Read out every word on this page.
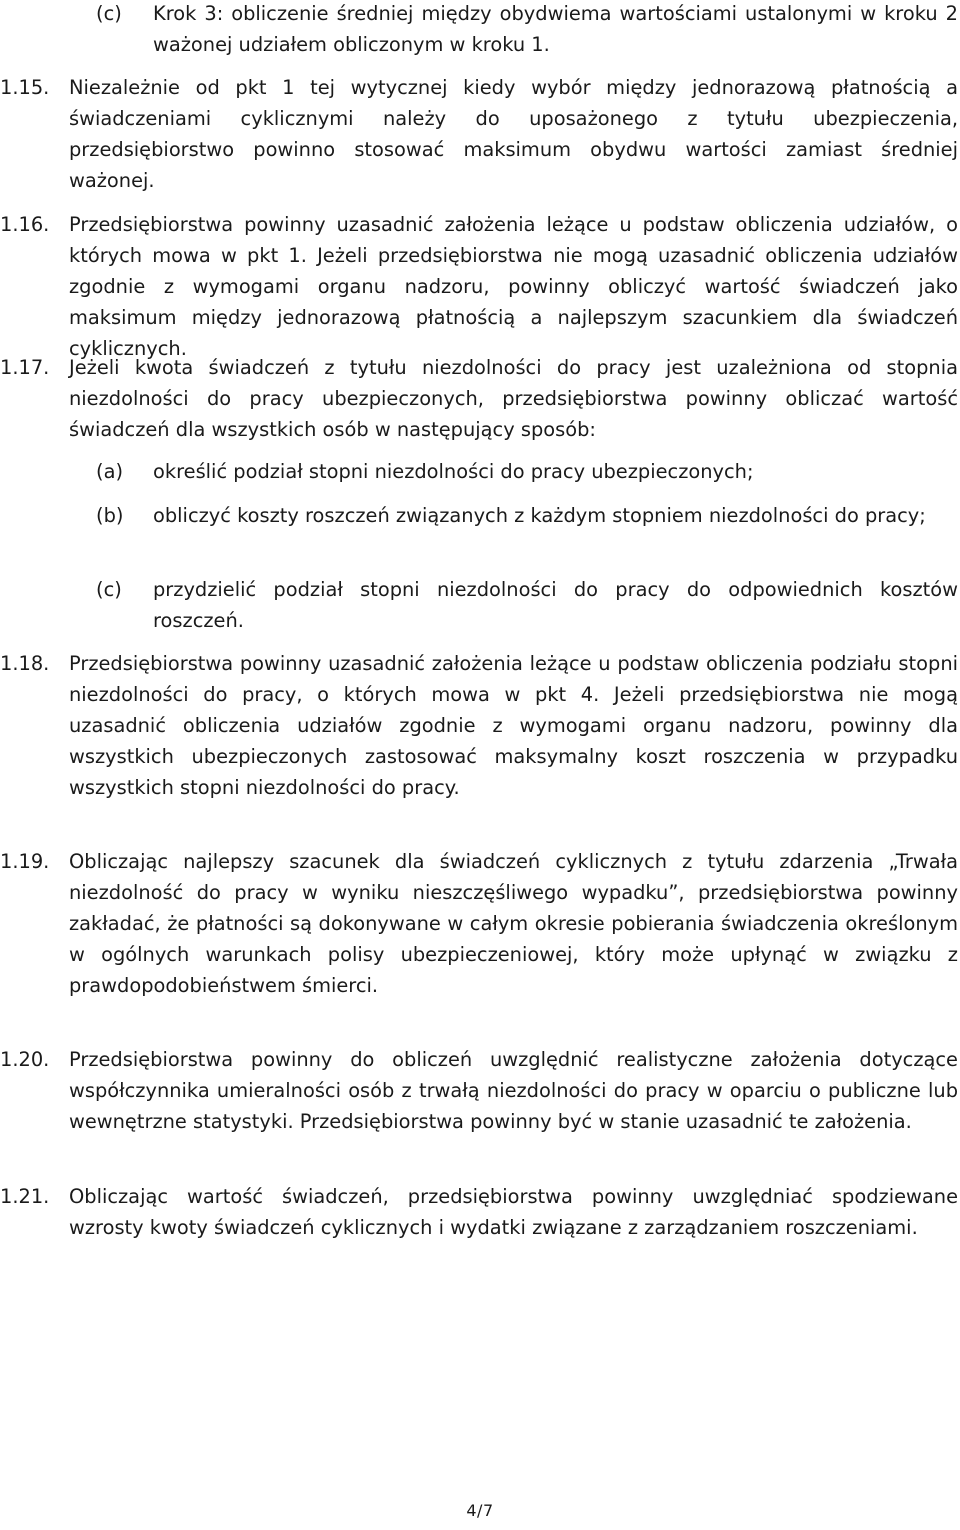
(c)	Krok 3: obliczenie średniej między obydwiema wartościami ustalonymi w kroku 2 ważonej udziałem obliczonym w kroku 1.
1.15.	Niezależnie od pkt 1 tej wytycznej kiedy wybór między jednorazową płatnością a świadczeniami cyklicznymi należy do uposażonego z tytułu ubezpieczenia, przedsiębiorstwo powinno stosować maksimum obydwu wartości zamiast średniej ważonej.
1.16.	Przedsiębiorstwa powinny uzasadnić założenia leżące u podstaw obliczenia udziałów, o których mowa w pkt 1. Jeżeli przedsiębiorstwa nie mogą uzasadnić obliczenia udziałów zgodnie z wymogami organu nadzoru, powinny obliczyć wartość świadczeń jako maksimum między jednorazową płatnością a najlepszym szacunkiem dla świadczeń cyklicznych.
1.17.	Jeżeli kwota świadczeń z tytułu niezdolności do pracy jest uzależniona od stopnia niezdolności do pracy ubezpieczonych, przedsiębiorstwa powinny obliczać wartość świadczeń dla wszystkich osób w następujący sposób:
(a)	określić podział stopni niezdolności do pracy ubezpieczonych;
(b)	obliczyć koszty roszczeń związanych z każdym stopniem niezdolności do pracy;
(c)	przydzielić podział stopni niezdolności do pracy do odpowiednich kosztów roszczeń.
1.18.	Przedsiębiorstwa powinny uzasadnić założenia leżące u podstaw obliczenia podziału stopni niezdolności do pracy, o których mowa w pkt 4. Jeżeli przedsiębiorstwa nie mogą uzasadnić obliczenia udziałów zgodnie z wymogami organu nadzoru, powinny dla wszystkich ubezpieczonych zastosować maksymalny koszt roszczenia w przypadku wszystkich stopni niezdolności do pracy.
1.19.	Obliczając najlepszy szacunek dla świadczeń cyklicznych z tytułu zdarzenia „Trwała niezdolność do pracy w wyniku nieszczęśliwego wypadku”, przedsiębiorstwa powinny zakładać, że płatności są dokonywane w całym okresie pobierania świadczenia określonym w ogólnych warunkach polisy ubezpieczeniowej, który może upłynąć w związku z prawdopodobieństwem śmierci.
1.20.	Przedsiębiorstwa powinny do obliczeń uwzględnić realistyczne założenia dotyczące współczynnika umieralności osób z trwałą niezdolności do pracy w oparciu o publiczne lub wewnętrzne statystyki. Przedsiębiorstwa powinny być w stanie uzasadnić te założenia.
1.21.	Obliczając wartość świadczeń, przedsiębiorstwa powinny uwzględniać spodziewane wzrosty kwoty świadczeń cyklicznych i wydatki związane z zarządzaniem roszczeniami.
4/7
